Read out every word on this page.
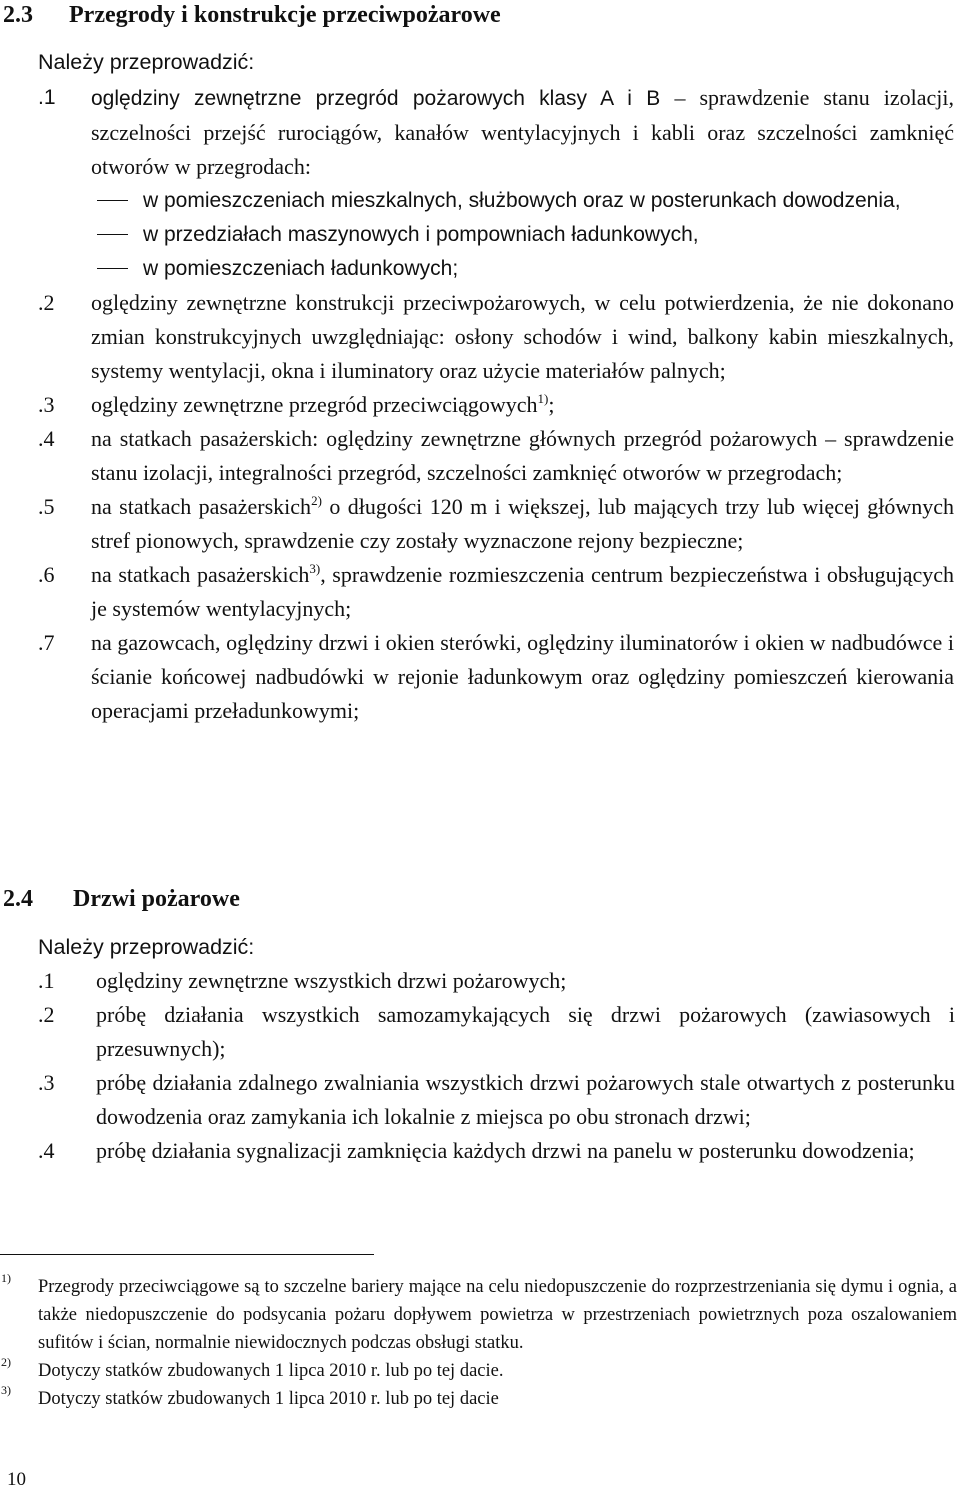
2.3 Przegrody i konstrukcje przeciwpożarowe

Należy przeprowadzić:

.1 oględziny zewnętrzne przegród pożarowych klasy A i B – sprawdzenie stanu izolacji, szczelności przejść rurociągów, kanałów wentylacyjnych i kabli oraz szczelności zamknięć otworów w przegrodach:
w pomieszczeniach mieszkalnych, służbowych oraz w posterunkach dowodzenia,
w przedziałach maszynowych i pompowniach ładunkowych,
w pomieszczeniach ładunkowych;
.2 oględziny zewnętrzne konstrukcji przeciwpożarowych, w celu potwierdzenia, że nie dokonano zmian konstrukcyjnych uwzględniając: osłony schodów i wind, balkony kabin mieszkalnych, systemy wentylacji, okna i iluminatory oraz użycie materiałów palnych;
.3 oględziny zewnętrzne przegród przeciwciągowych$^{1)}$;
.4 na statkach pasażerskich: oględziny zewnętrzne głównych przegród pożarowych – sprawdzenie stanu izolacji, integralności przegród, szczelności zamknięć otworów w przegrodach;
.5 na statkach pasażerskich$^{2)}$ o długości 120 m i większej, lub mających trzy lub więcej głównych stref pionowych, sprawdzenie czy zostały wyznaczone rejony bezpieczne;
.6 na statkach pasażerskich$^{3)}$, sprawdzenie rozmieszczenia centrum bezpieczeństwa i obsługujących je systemów wentylacyjnych;
.7 na gazowcach, oględziny drzwi i okien sterówki, oględziny iluminatorów i okien w nadbudówce i ścianie końcowej nadbudówki w rejonie ładunkowym oraz oględziny pomieszczeń kierowania operacjami przeładunkowymi;
2.4 Drzwi pożarowe

Należy przeprowadzić:

.1 oględziny zewnętrzne wszystkich drzwi pożarowych;
.2 próbę działania wszystkich samozamykających się drzwi pożarowych (zawiasowych i przesuwnych);
.3 próbę działania zdalnego zwalniania wszystkich drzwi pożarowych stale otwartych z posterunku dowodzenia oraz zamykania ich lokalnie z miejsca po obu stronach drzwi;
.4 próbę działania sygnalizacji zamknięcia każdych drzwi na panelu w posterunku dowodzenia;
1) Przegrody przeciwciągowe są to szczelne bariery mające na celu niedopuszczenie do rozprzestrzeniania się dymu i ognia, a także niedopuszczenie do podsycania pożaru dopływem powietrza w przestrzeniach powietrznych poza oszalowaniem sufitów i ścian, normalnie niewidocznych podczas obsługi statku.
2) Dotyczy statków zbudowanych 1 lipca 2010 r. lub po tej dacie.
3) Dotyczy statków zbudowanych 1 lipca 2010 r. lub po tej dacie
10
